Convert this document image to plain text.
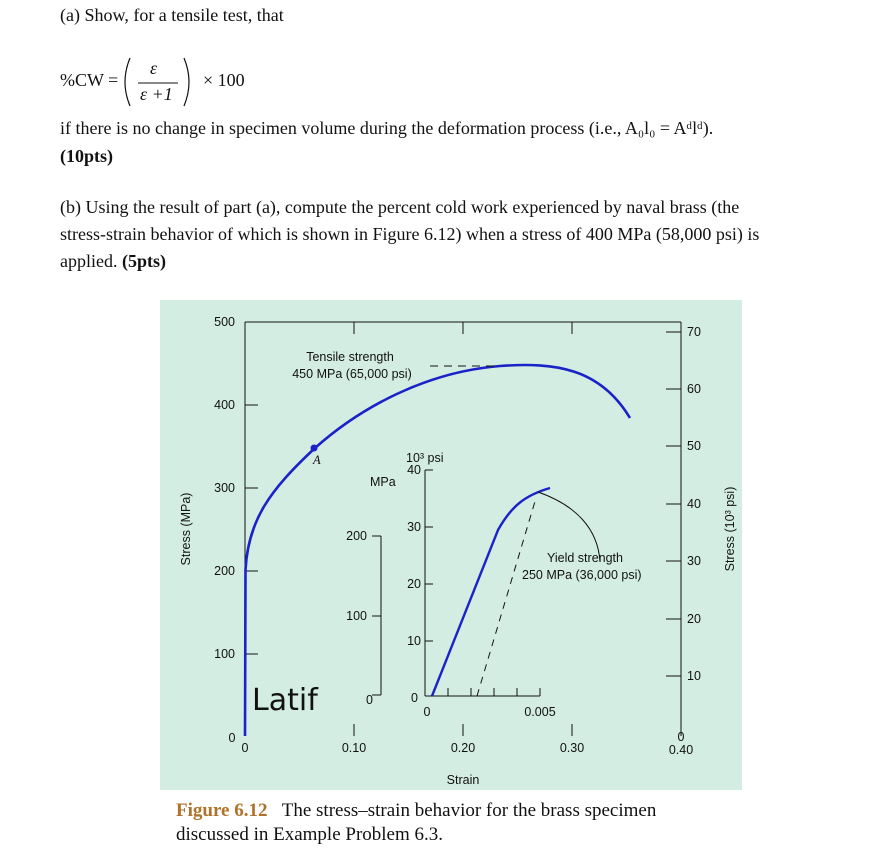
(a) Show, for a tensile test, that
%CW =
ε
ε +1
× 100
if there is no change in specimen volume during the deformation process (i.e., A₀l₀ = Aᵈlᵈ).
(10pts)
(b) Using the result of part (a), compute the percent cold work experienced by naval brass (the
stress-strain behavior of which is shown in Figure 6.12) when a stress of 400 MPa (58,000 psi) is
applied. (5pts)
Latif
500
400
300
200
100
0
70
60
50
40
30
20
10
0
0	0.10	0.20	0.30	0.40
Strain
Stress (MPa)	Stress (10³ psi)
Tensile strength
450 MPa (65,000 psi)
A	10³ psi
MPa
200
100
0
40
30
20
10
0
0	0.005
Yield strength
250 MPa (36,000 psi)
Figure 6.12 The stress–strain behavior for the brass specimen
discussed in Example Problem 6.3.
